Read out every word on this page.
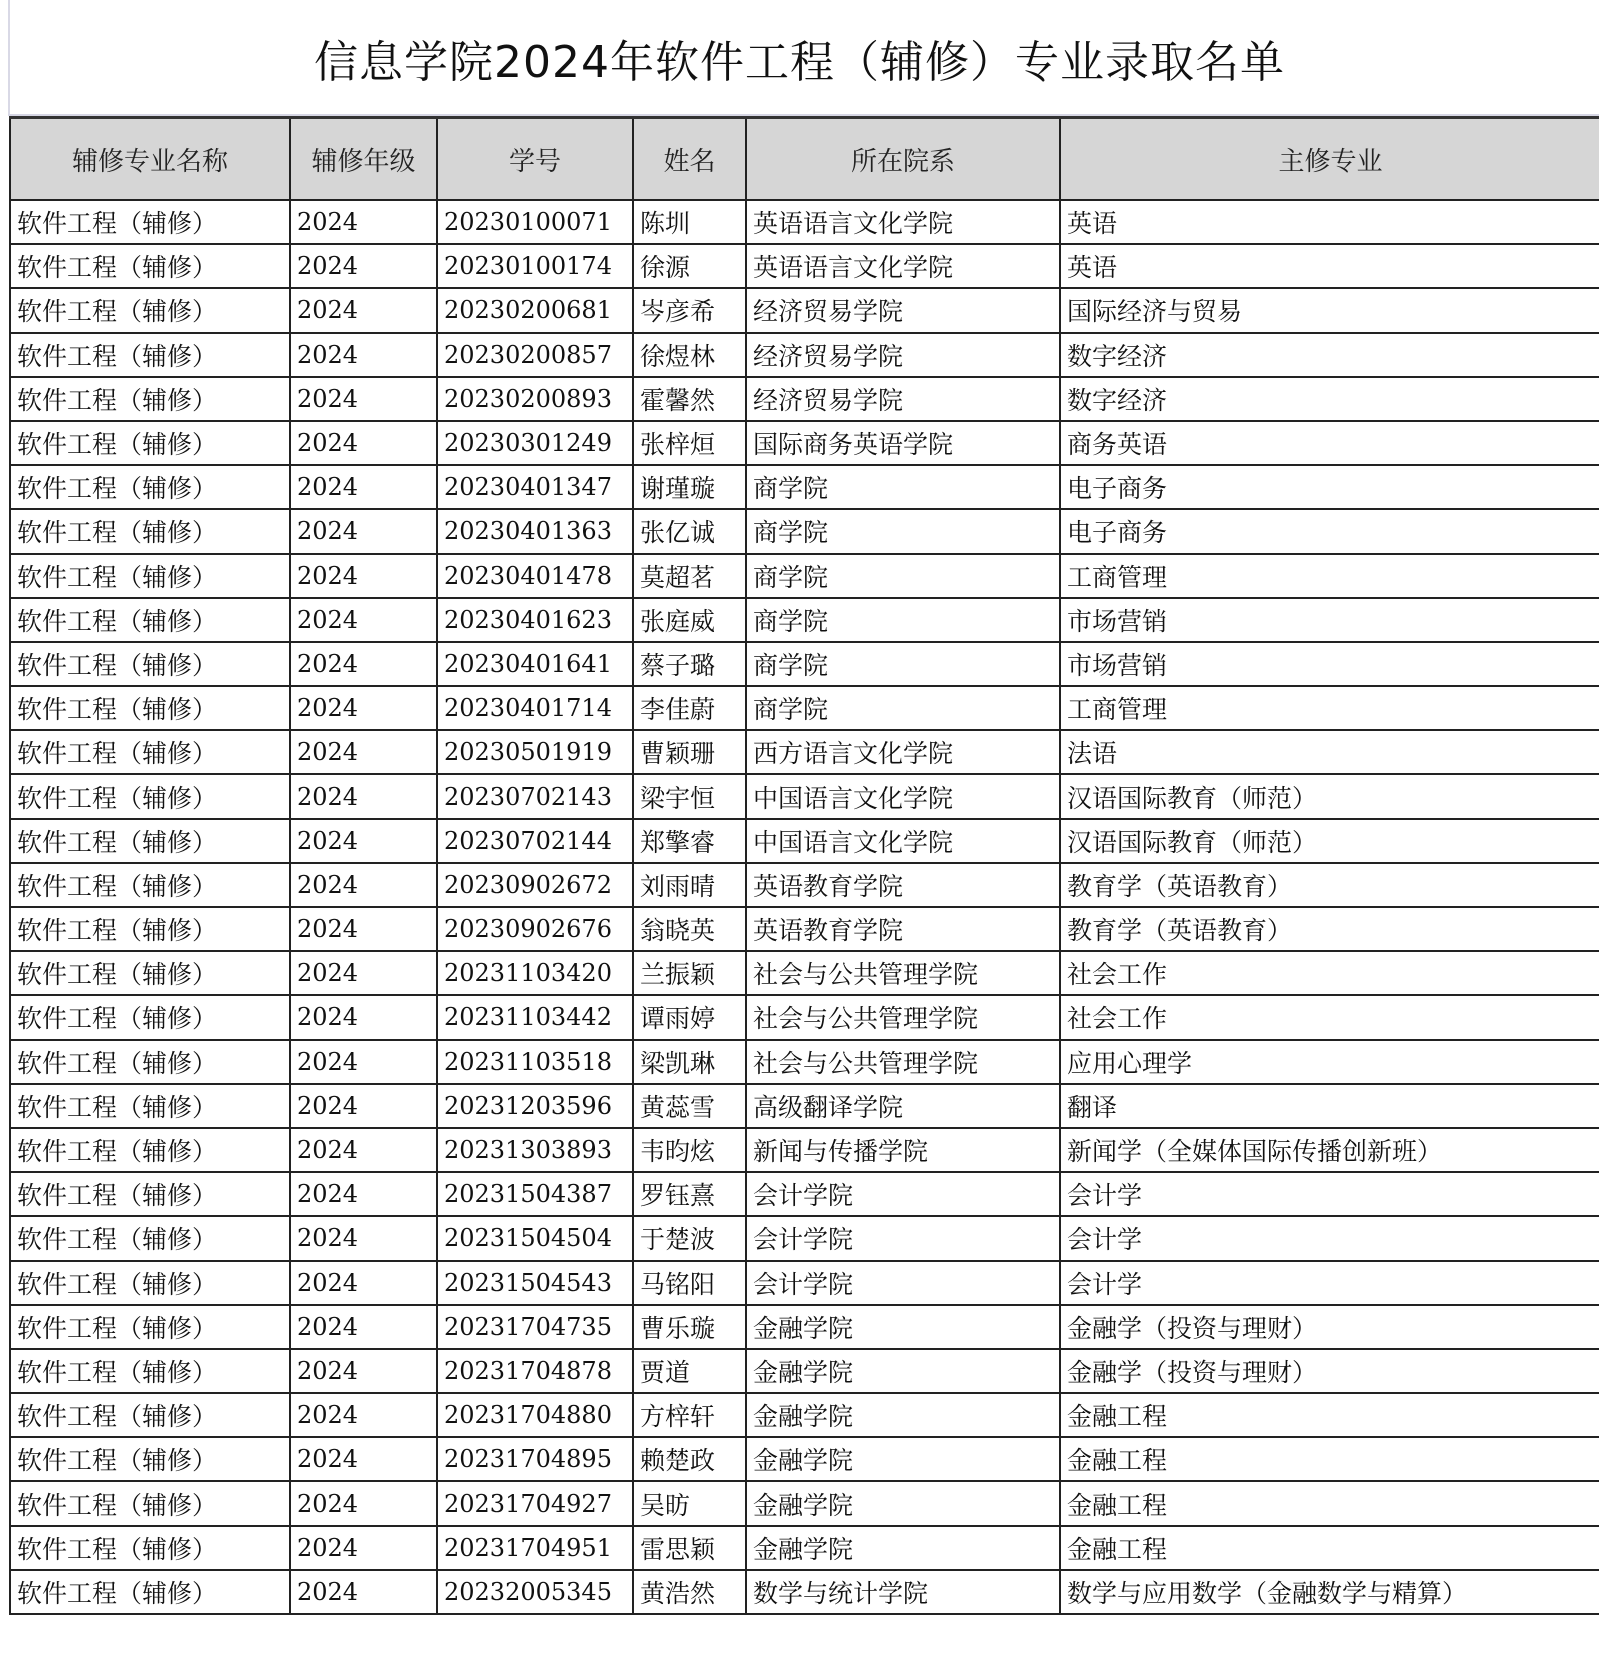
信息学院2024年软件工程（辅修）专业录取名单
辅修专业名称	辅修年级	学号	姓名	所在院系	主修专业
软件工程（辅修）	2024	20230100071	陈圳	英语语言文化学院	英语
软件工程（辅修）	2024	20230100174	徐源	英语语言文化学院	英语
软件工程（辅修）	2024	20230200681	岑彦希	经济贸易学院	国际经济与贸易
软件工程（辅修）	2024	20230200857	徐煜林	经济贸易学院	数字经济
软件工程（辅修）	2024	20230200893	霍馨然	经济贸易学院	数字经济
软件工程（辅修）	2024	20230301249	张梓烜	国际商务英语学院	商务英语
软件工程（辅修）	2024	20230401347	谢瑾璇	商学院	电子商务
软件工程（辅修）	2024	20230401363	张亿诚	商学院	电子商务
软件工程（辅修）	2024	20230401478	莫超茗	商学院	工商管理
软件工程（辅修）	2024	20230401623	张庭威	商学院	市场营销
软件工程（辅修）	2024	20230401641	蔡子璐	商学院	市场营销
软件工程（辅修）	2024	20230401714	李佳蔚	商学院	工商管理
软件工程（辅修）	2024	20230501919	曹颖珊	西方语言文化学院	法语
软件工程（辅修）	2024	20230702143	梁宇恒	中国语言文化学院	汉语国际教育（师范）
软件工程（辅修）	2024	20230702144	郑擎睿	中国语言文化学院	汉语国际教育（师范）
软件工程（辅修）	2024	20230902672	刘雨晴	英语教育学院	教育学（英语教育）
软件工程（辅修）	2024	20230902676	翁晓英	英语教育学院	教育学（英语教育）
软件工程（辅修）	2024	20231103420	兰振颖	社会与公共管理学院	社会工作
软件工程（辅修）	2024	20231103442	谭雨婷	社会与公共管理学院	社会工作
软件工程（辅修）	2024	20231103518	梁凯琳	社会与公共管理学院	应用心理学
软件工程（辅修）	2024	20231203596	黄蕊雪	高级翻译学院	翻译
软件工程（辅修）	2024	20231303893	韦昀炫	新闻与传播学院	新闻学（全媒体国际传播创新班）
软件工程（辅修）	2024	20231504387	罗钰熹	会计学院	会计学
软件工程（辅修）	2024	20231504504	于楚波	会计学院	会计学
软件工程（辅修）	2024	20231504543	马铭阳	会计学院	会计学
软件工程（辅修）	2024	20231704735	曹乐璇	金融学院	金融学（投资与理财）
软件工程（辅修）	2024	20231704878	贾道	金融学院	金融学（投资与理财）
软件工程（辅修）	2024	20231704880	方梓轩	金融学院	金融工程
软件工程（辅修）	2024	20231704895	赖楚政	金融学院	金融工程
软件工程（辅修）	2024	20231704927	吴昉	金融学院	金融工程
软件工程（辅修）	2024	20231704951	雷思颖	金融学院	金融工程
软件工程（辅修）	2024	20232005345	黄浩然	数学与统计学院	数学与应用数学（金融数学与精算）
